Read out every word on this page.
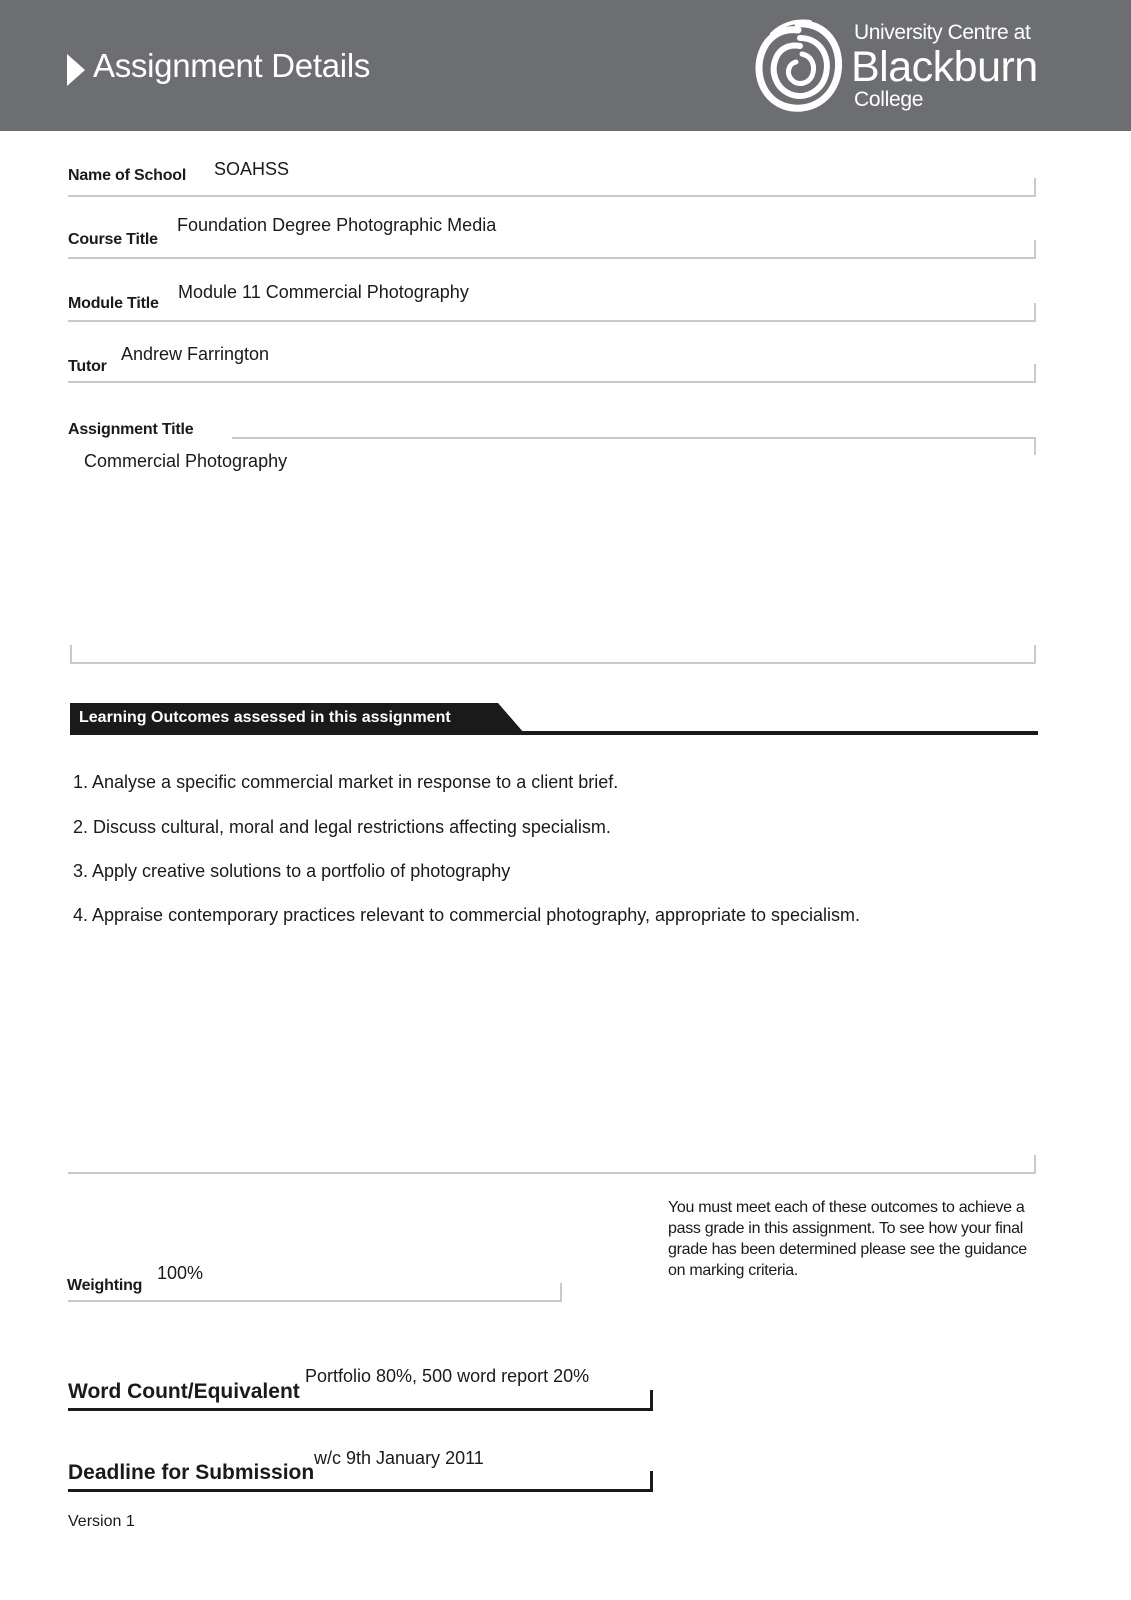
Assignment Details
University Centre at
Blackburn
College
Name of School SOAHSS
Course Title
Foundation Degree Photographic Media
Module Title
Module 11 Commercial Photography
Tutor
Andrew Farrington
Assignment Title
Commercial Photography
Learning Outcomes assessed in this assignment
1. Analyse a specific commercial market in response to a client brief.
2. Discuss cultural, moral and legal restrictions affecting specialism.
3. Apply creative solutions to a portfolio of photography
4. Appraise contemporary practices relevant to commercial photography, appropriate to specialism.
You must meet each of these outcomes to achieve a pass grade in this assignment. To see how your final grade has been determined please see the guidance on marking criteria.
Weighting
100%
Word Count/Equivalent
Portfolio 80%, 500 word report 20%
Deadline for Submission
w/c 9th January 2011
Version 1
